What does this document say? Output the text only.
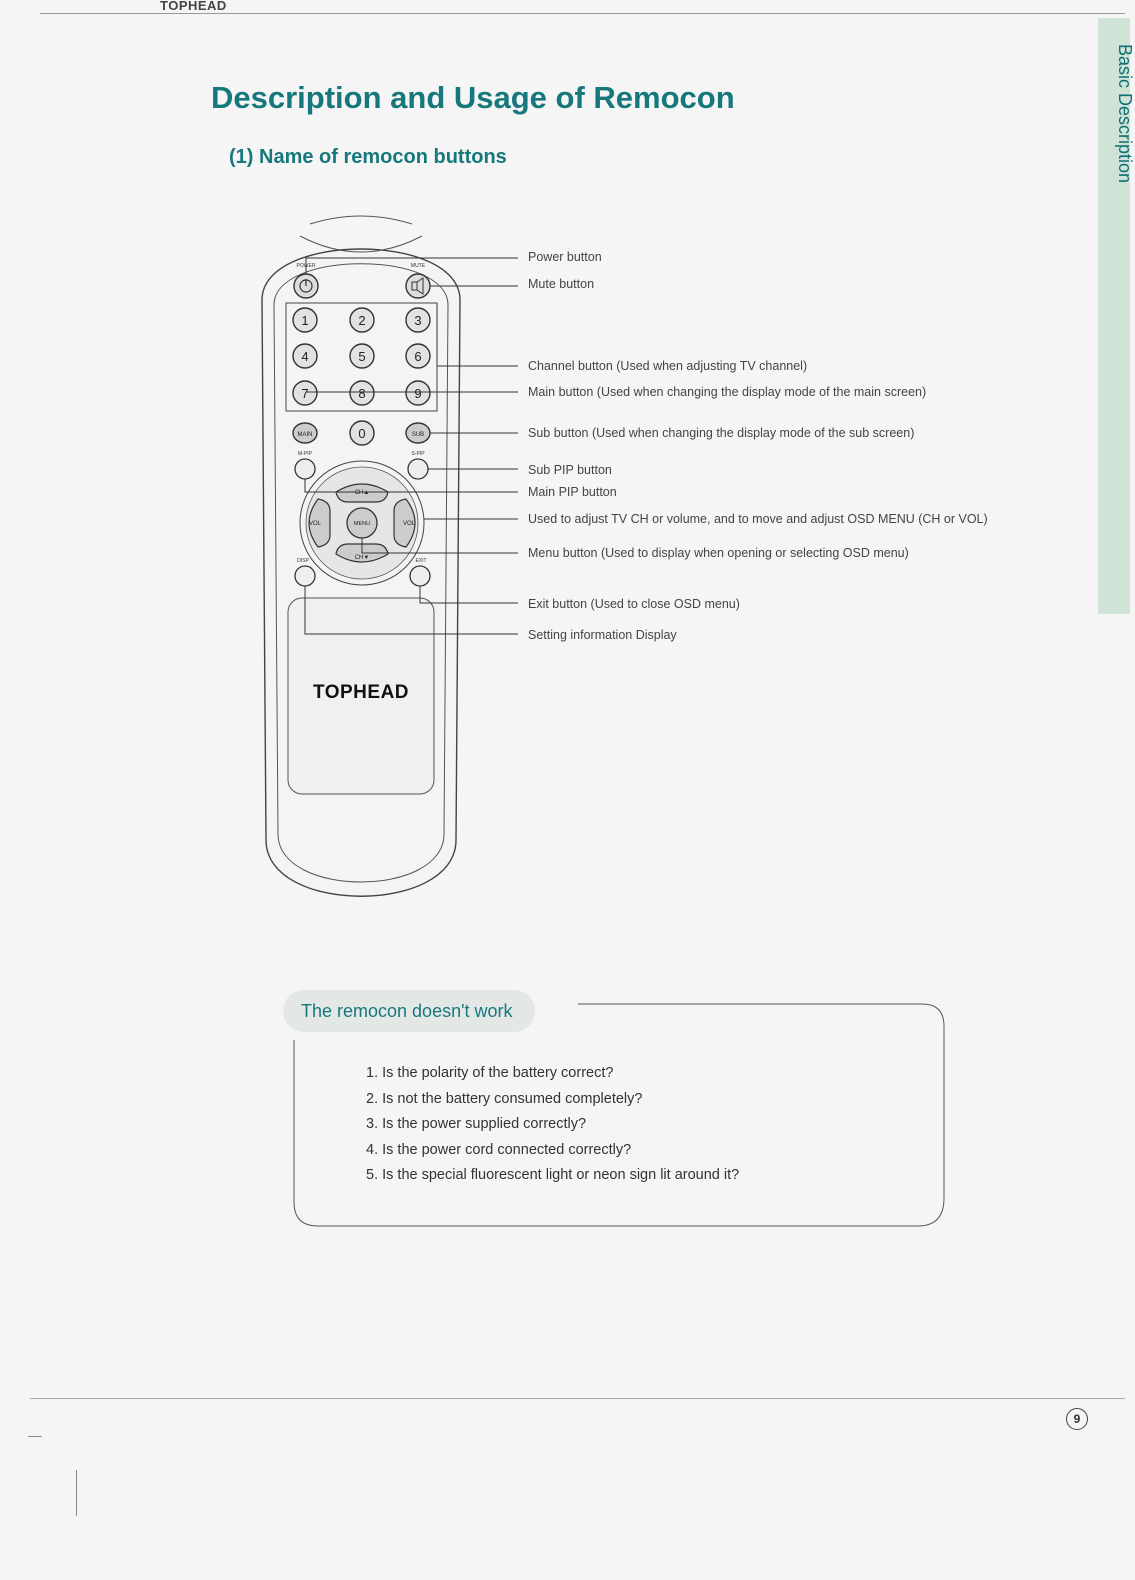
TOPHEAD
Basic Description
Description and Usage of Remocon
(1) Name of remocon buttons
POWER	MUTE
1	2	3
4	5	6
7	8	9
0
MAIN	SUB
M-PIP	S-PIP
CH▲
CH▼
VOL	VOL
MENU
DISP	EXIT
TOPHEAD
Power button
Mute button
Channel button (Used when adjusting TV channel)
Main button (Used when changing the display mode of the main screen)
Sub button (Used when changing the display mode of the sub screen)
Sub PIP button
Main PIP button
Used to adjust TV CH or volume, and to move and adjust OSD MENU (CH or VOL)
Menu button (Used to display when opening or selecting OSD menu)
Exit button (Used to close OSD menu)
Setting information Display
The remocon doesn't work
1. Is the polarity of the battery correct?
2. Is not the battery consumed completely?
3. Is the power supplied correctly?
4. Is the power cord connected correctly?
5. Is the special fluorescent light or neon sign lit around it?
9
